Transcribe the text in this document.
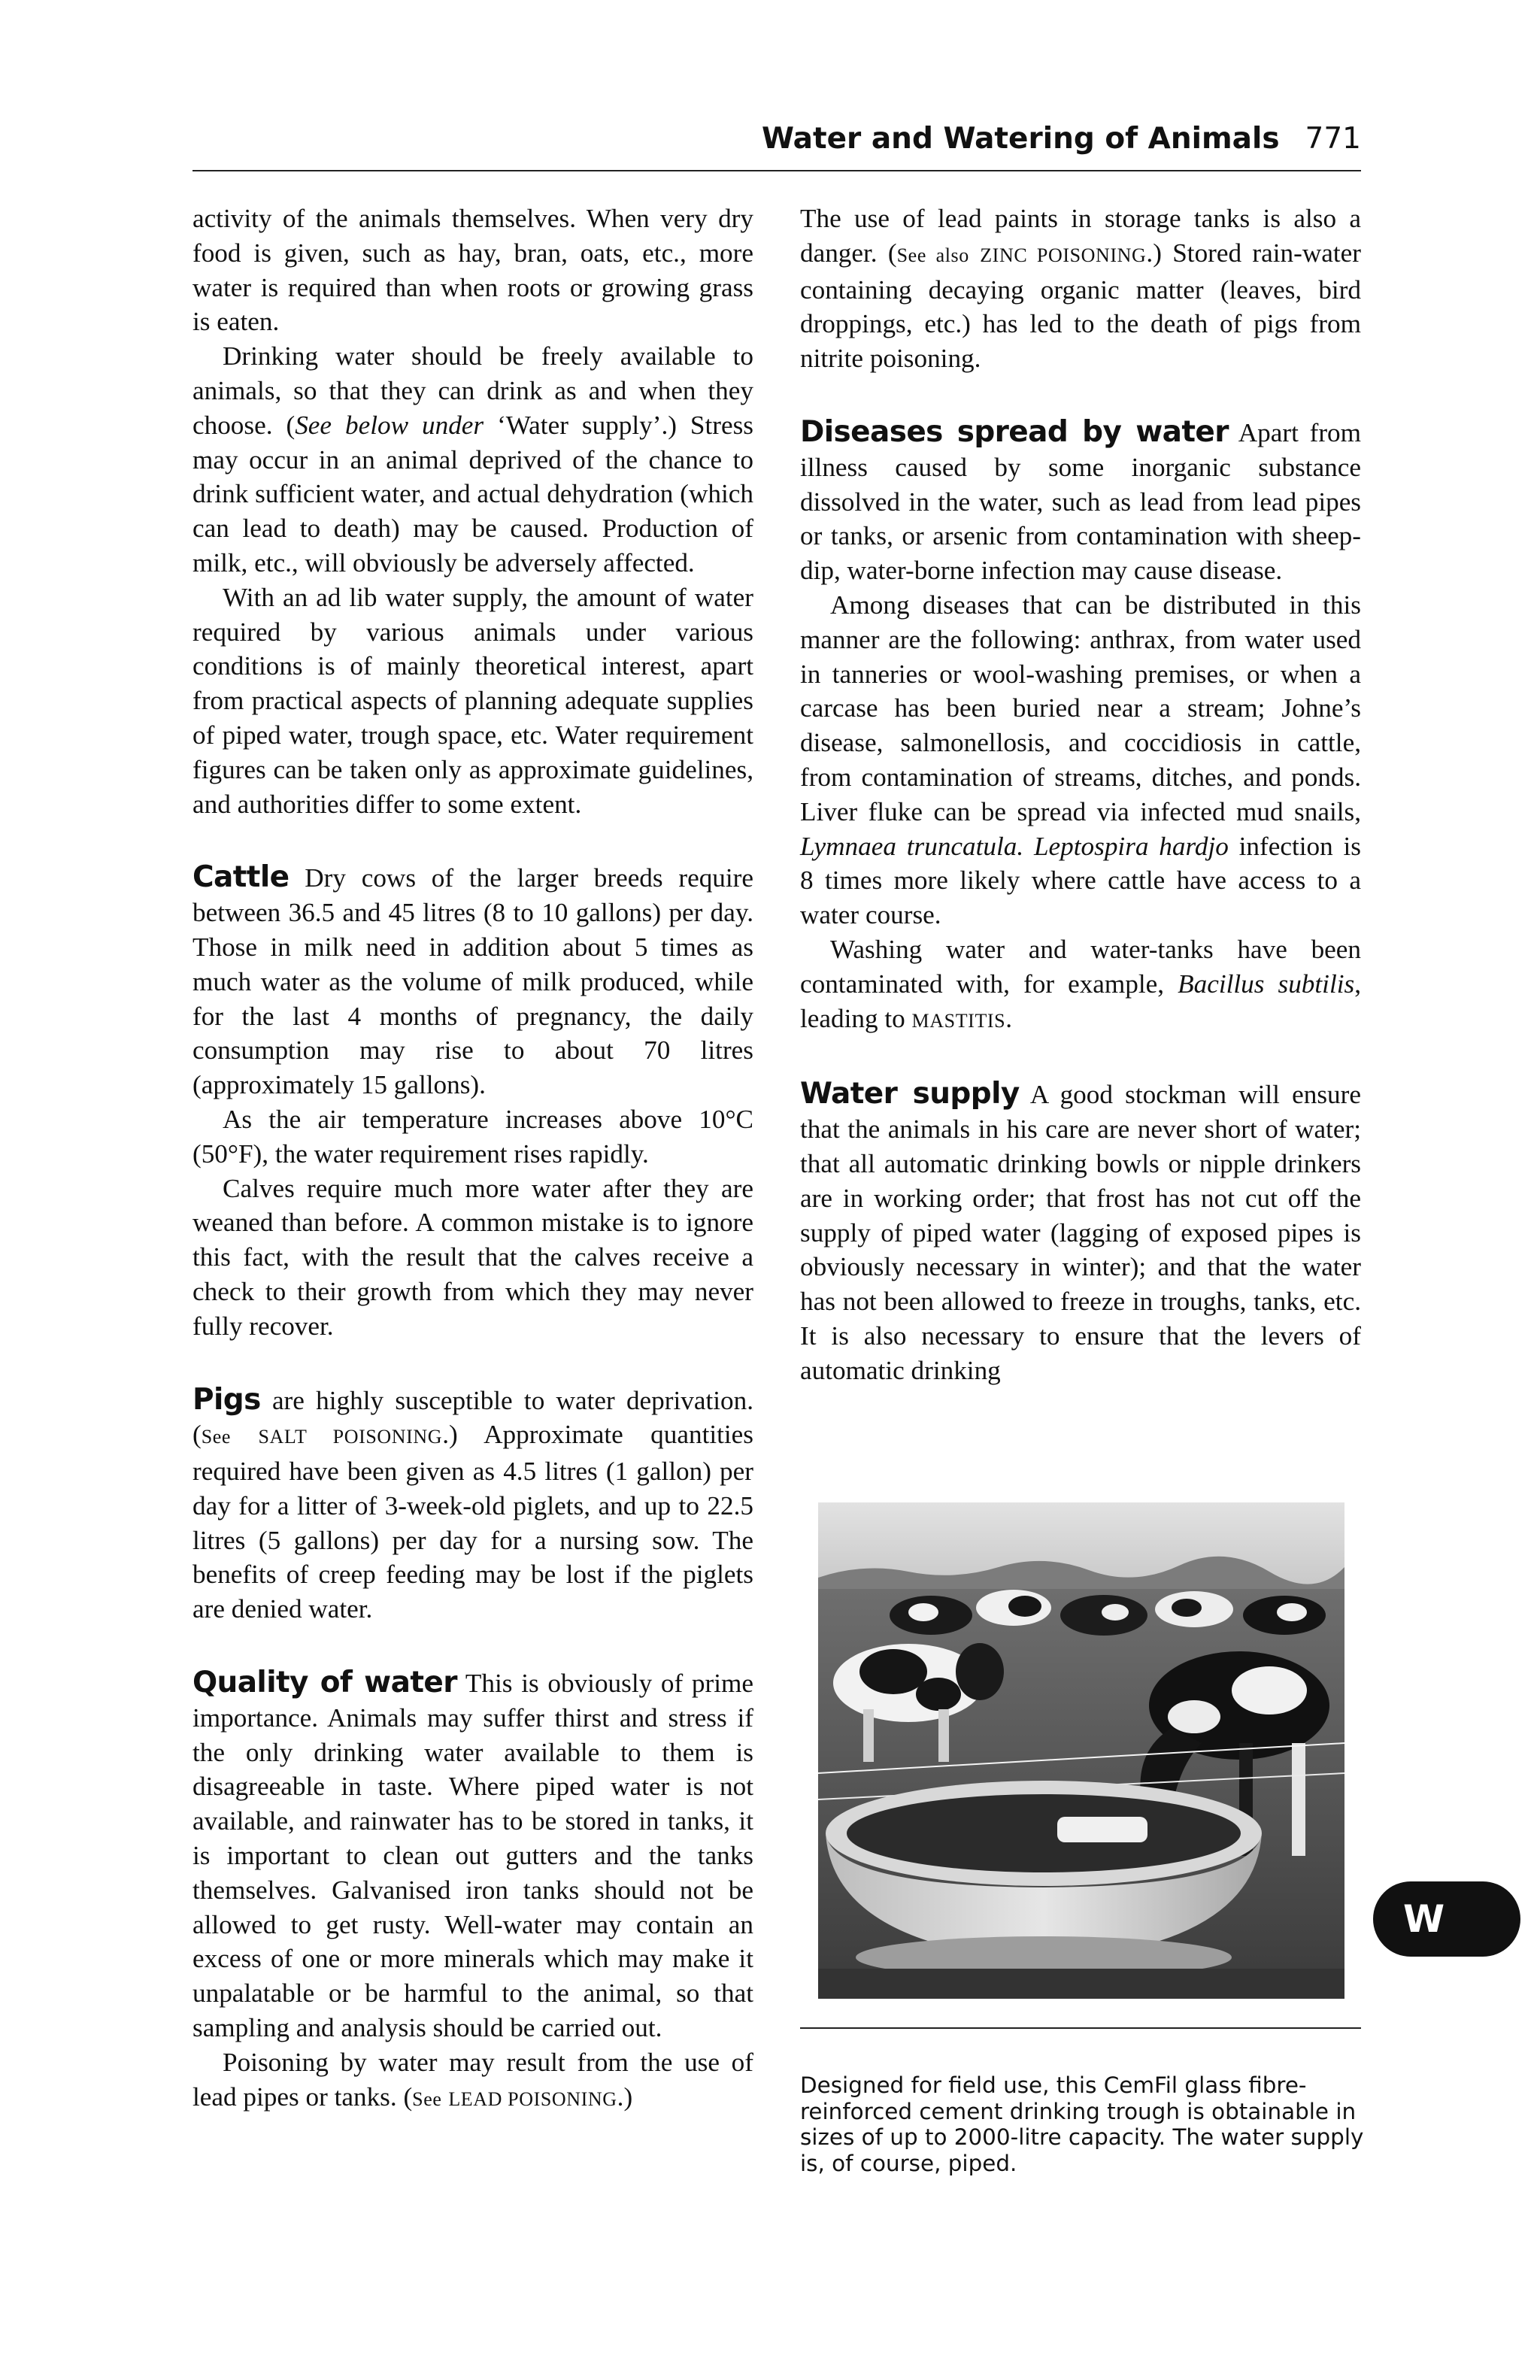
Water and Watering of Animals 771

activity of the animals themselves. When very dry food is given, such as hay, bran, oats, etc., more water is required than when roots or growing grass is eaten.

Drinking water should be freely available to animals, so that they can drink as and when they choose. (See below under ‘Water supply’.) Stress may occur in an animal deprived of the chance to drink sufficient water, and actual dehydration (which can lead to death) may be caused. Production of milk, etc., will obviously be adversely affected.

With an ad lib water supply, the amount of water required by various animals under various conditions is of mainly theoretical interest, apart from practical aspects of planning adequate supplies of piped water, trough space, etc. Water requirement figures can be taken only as approximate guidelines, and authorities differ to some extent.

Cattle Dry cows of the larger breeds require between 36.5 and 45 litres (8 to 10 gallons) per day. Those in milk need in addition about 5 times as much water as the volume of milk produced, while for the last 4 months of pregnancy, the daily consumption may rise to about 70 litres (approximately 15 gallons).

As the air temperature increases above 10°C (50°F), the water requirement rises rapidly.

Calves require much more water after they are weaned than before. A common mistake is to ignore this fact, with the result that the calves receive a check to their growth from which they may never fully recover.

Pigs are highly susceptible to water deprivation. (See SALT POISONING.) Approximate quantities required have been given as 4.5 litres (1 gallon) per day for a litter of 3-week-old piglets, and up to 22.5 litres (5 gallons) per day for a nursing sow. The benefits of creep feeding may be lost if the piglets are denied water.

Quality of water This is obviously of prime importance. Animals may suffer thirst and stress if the only drinking water available to them is disagreeable in taste. Where piped water is not available, and rainwater has to be stored in tanks, it is important to clean out gutters and the tanks themselves. Galvanised iron tanks should not be allowed to get rusty. Well-water may contain an excess of one or more minerals which may make it unpalatable or be harmful to the animal, so that sampling and analysis should be carried out.

Poisoning by water may result from the use of lead pipes or tanks. (See LEAD POISONING.)

The use of lead paints in storage tanks is also a danger. (See also ZINC POISONING.) Stored rain-water containing decaying organic matter (leaves, bird droppings, etc.) has led to the death of pigs from nitrite poisoning.

Diseases spread by water Apart from illness caused by some inorganic substance dissolved in the water, such as lead from lead pipes or tanks, or arsenic from contamination with sheep-dip, water-borne infection may cause disease.

Among diseases that can be distributed in this manner are the following: anthrax, from water used in tanneries or wool-washing premises, or when a carcase has been buried near a stream; Johne’s disease, salmonellosis, and coccidiosis in cattle, from contamination of streams, ditches, and ponds. Liver fluke can be spread via infected mud snails, Lymnaea truncatula. Leptospira hardjo infection is 8 times more likely where cattle have access to a water course.

Washing water and water-tanks have been contaminated with, for example, Bacillus subtilis, leading to MASTITIS.

Water supply A good stockman will ensure that the animals in his care are never short of water; that all automatic drinking bowls or nipple drinkers are in working order; that frost has not cut off the supply of piped water (lagging of exposed pipes is obviously necessary in winter); and that the water has not been allowed to freeze in troughs, tanks, etc. It is also necessary to ensure that the levers of automatic drinking

Designed for field use, this CemFil glass fibre-reinforced cement drinking trough is obtainable in sizes of up to 2000-litre capacity. The water supply is, of course, piped.
W
